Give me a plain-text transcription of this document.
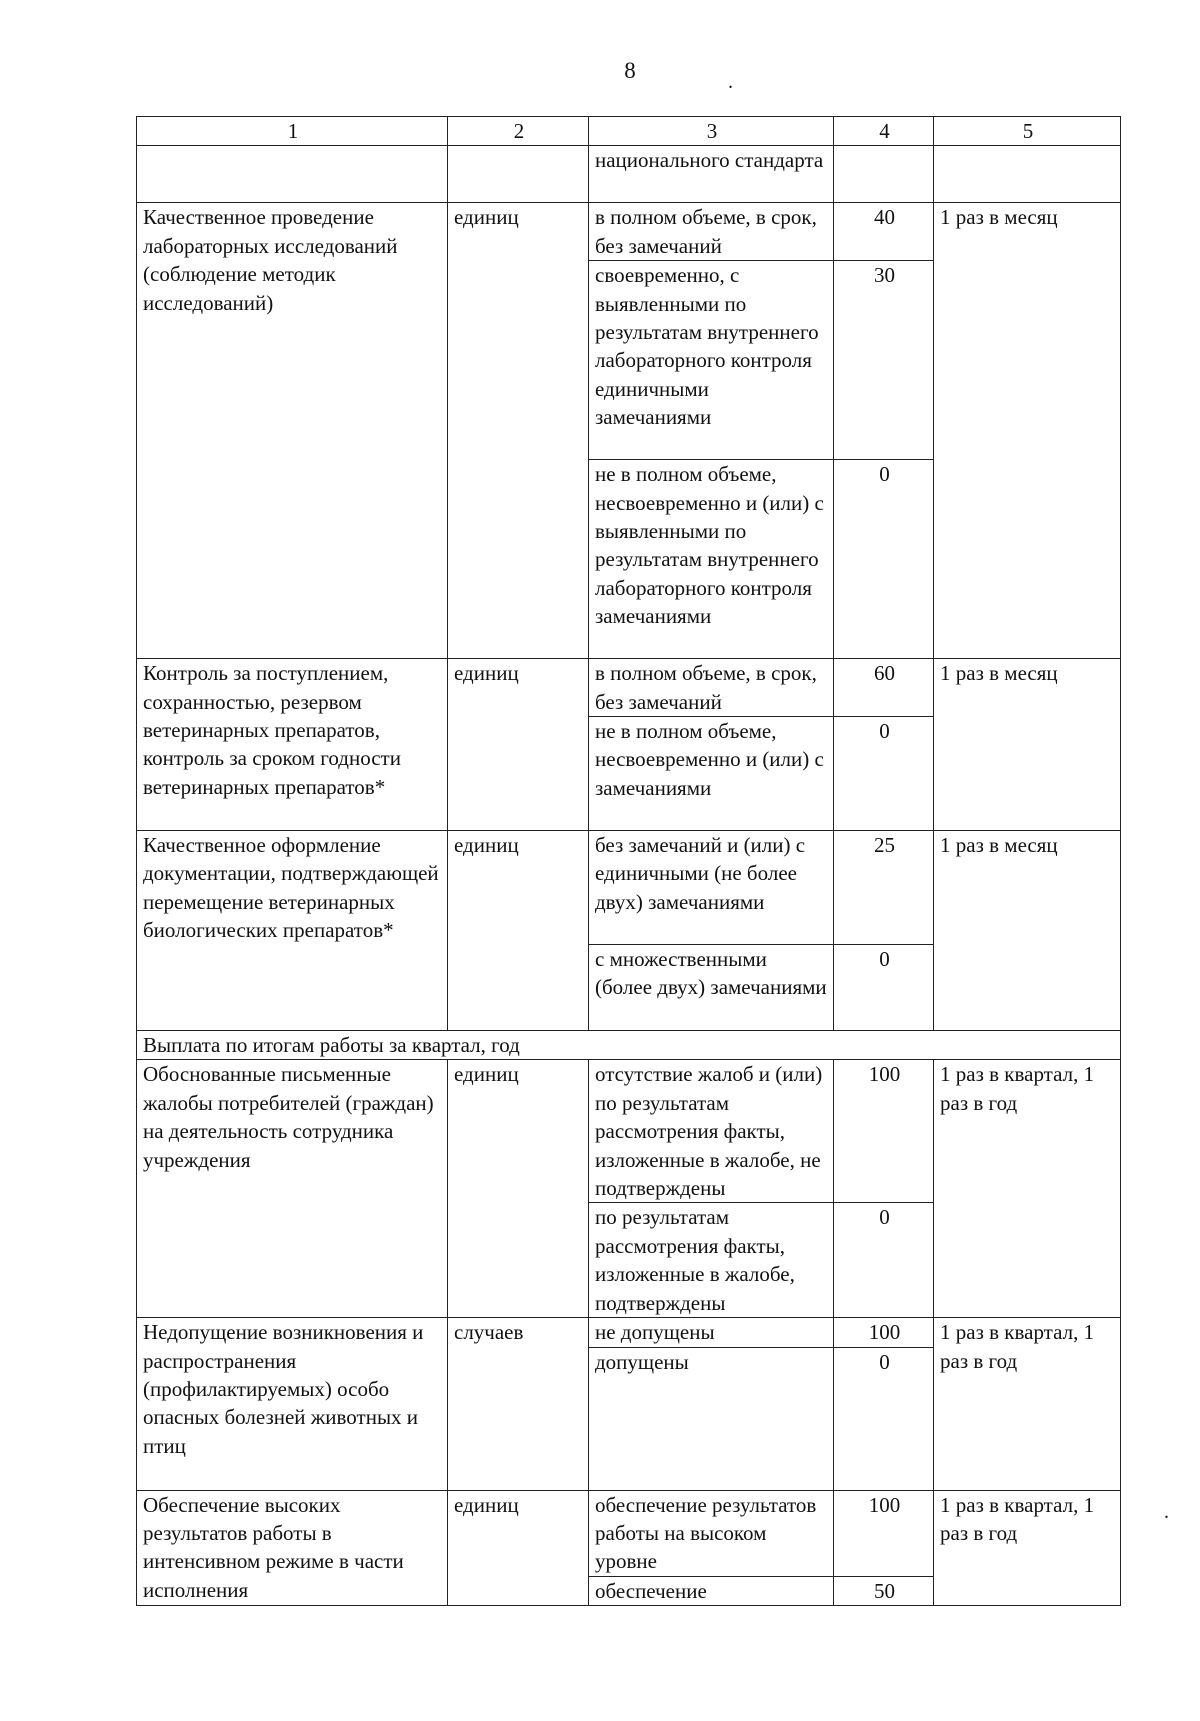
8	.
.
1	2	3	4	5
		национального стандарта		
Качественное проведение лабораторных исследований (соблюдение методик исследований)	единиц	в полном объеме, в срок, без замечаний	40	1 раз в месяц
		своевременно, с выявленными по результатам внутреннего лабораторного контроля единичными замечаниями	30	
		не в полном объеме, несвоевременно и (или) с выявленными по результатам внутреннего лабораторного контроля замечаниями	0	
Контроль за поступлением, сохранностью, резервом ветеринарных препаратов, контроль за сроком годности ветеринарных препаратов*	единиц	в полном объеме, в срок, без замечаний	60	1 раз в месяц
		не в полном объеме, несвоевременно и (или) с замечаниями	0	
Качественное оформление документации, подтверждающей перемещение ветеринарных биологических препаратов*	единиц	без замечаний и (или) с единичными (не более двух) замечаниями	25	1 раз в месяц
		с множественными (более двух) замечаниями	0	
Выплата по итогам работы за квартал, год				
Обоснованные письменные жалобы потребителей (граждан) на деятельность сотрудника учреждения	единиц	отсутствие жалоб и (или) по результатам рассмотрения факты, изложенные в жалобе, не подтверждены	100	1 раз в квартал, 1 раз в год
		по результатам рассмотрения факты, изложенные в жалобе, подтверждены	0	
Недопущение возникновения и распространения (профилактируемых) особо опасных болезней животных и птиц	случаев	не допущены	100	1 раз в квартал, 1 раз в год
		допущены	0	
Обеспечение высоких результатов работы в интенсивном режиме в части исполнения	единиц	обеспечение результатов работы на высоком уровне	100	1 раз в квартал, 1 раз в год
		обеспечение	50	
